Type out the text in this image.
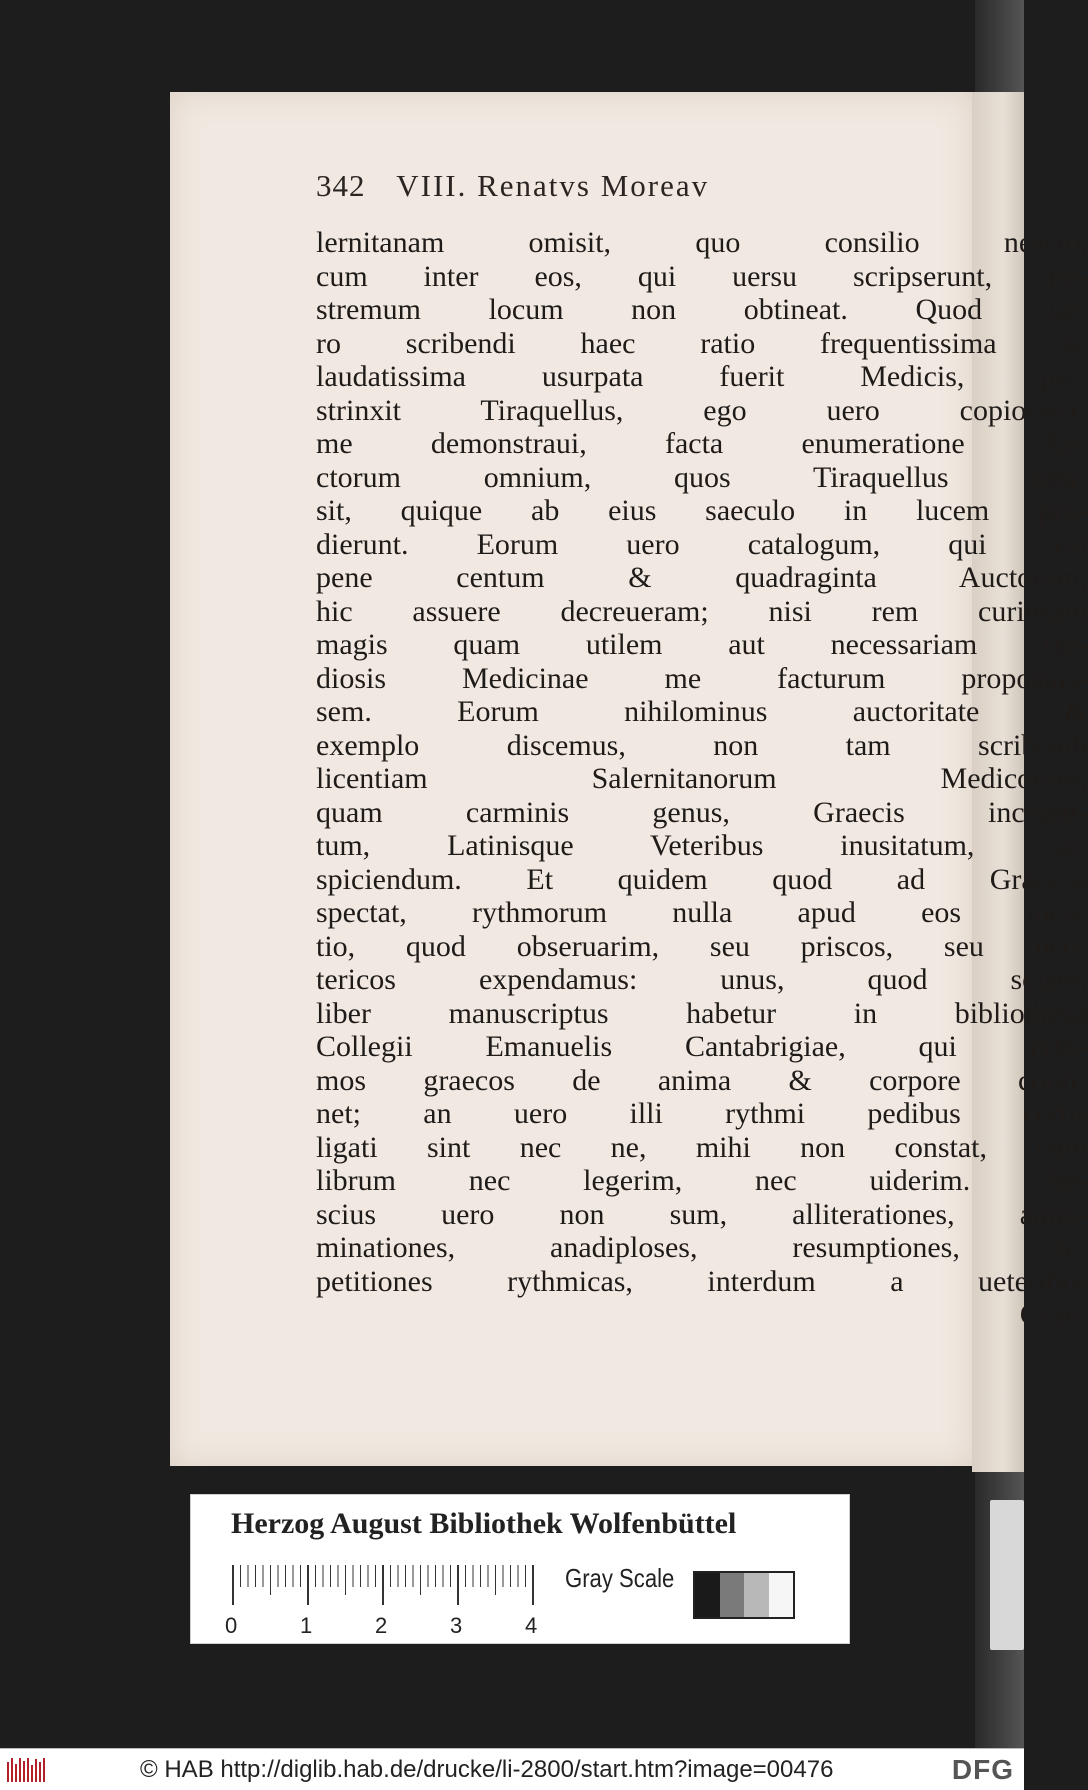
342 VIII. Renatvs Moreav
lernitanam omisit, quo consilio nescio,
cum inter eos, qui uersu scripserunt, po-
stremum locum non obtineat. Quod ue-
ro scribendi haec ratio frequentissima ac
laudatissima usurpata fuerit Medicis, per-
strinxit Tiraquellus, ego uero copiosissi-
me demonstraui, facta enumeratione Au-
ctorum omnium, quos Tiraquellus omi-
sit, quique ab eius saeculo in lucem pro-
dierunt. Eorum uero catalogum, qui est
pene centum & quadraginta Auctorum,
hic assuere decreueram; nisi rem curiosam
magis quam utilem aut necessariam stu-
diosis Medicinae me facturum proposuis-
sem. Eorum nihilominus auctoritate &
exemplo discemus, non tam scribendi
licentiam Salernitanorum Medicorum,
quam carminis genus, Graecis incogni-
tum, Latinisque Veteribus inusitatum, su-
spiciendum. Et quidem quod ad Graecos
spectat, rythmorum nulla apud eos men-
tio, quod obseruarim, seu priscos, seu neo-
tericos expendamus: unus, quod sciam,
liber manuscriptus habetur in bibliotheca
Collegii Emanuelis Cantabrigiae, qui ryth-
mos graecos de anima & corpore conti-
net; an uero illi rythmi pedibus certis
ligati sint nec ne, mihi non constat, cum
librum nec legerim, nec uiderim. Ne-
scius uero non sum, alliterationes, anno-
minationes, anadiploses, resumptiones, re-
petitiones rythmicas, interdum a ueteribus
Grae-
Herzog August Bibliothek Wolfenbüttel
0	1	2	3	4
Gray Scale
© HAB http://diglib.hab.de/drucke/li-2800/start.htm?image=00476	DFG
